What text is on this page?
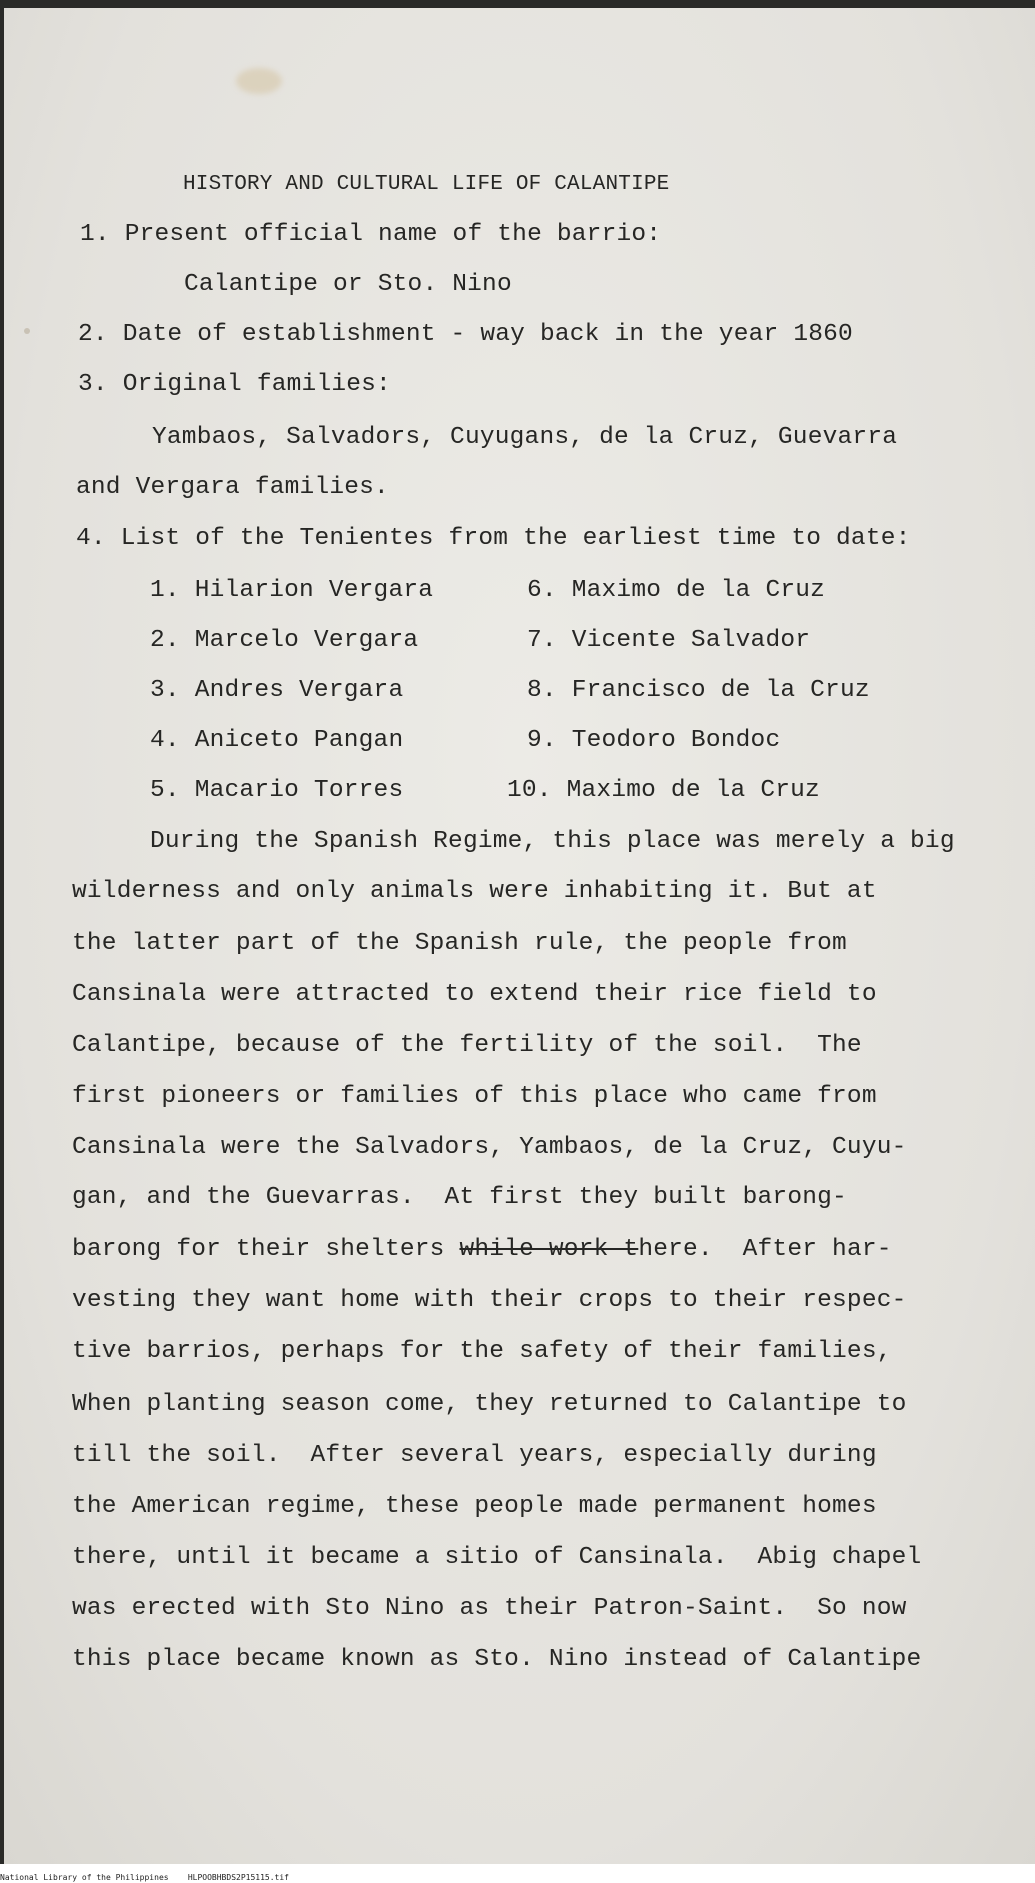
HISTORY AND CULTURAL LIFE OF CALANTIPE

1. Present official name of the barrio:

Calantipe or Sto. Nino

2. Date of establishment - way back in the year 1860

3. Original families:

Yambaos, Salvadors, Cuyugans, de la Cruz, Guevarra

and Vergara families.

4. List of the Tenientes from the earliest time to date:

1. Hilarion Vergara

2. Marcelo Vergara

3. Andres Vergara

4. Aniceto Pangan

5. Macario Torres

6. Maximo de la Cruz

7. Vicente Salvador

8. Francisco de la Cruz

9. Teodoro Bondoc

10. Maximo de la Cruz

During the Spanish Regime, this place was merely a big

wilderness and only animals were inhabiting it. But at

the latter part of the Spanish rule, the people from

Cansinala were attracted to extend their rice field to

Calantipe, because of the fertility of the soil.  The

first pioneers or families of this place who came from

Cansinala were the Salvadors, Yambaos, de la Cruz, Cuyu-

gan, and the Guevarras.  At first they built barong-

barong for their shelters while work there.  After har-

vesting they want home with their crops to their respec-

tive barrios, perhaps for the safety of their families,

When planting season come, they returned to Calantipe to

till the soil.  After several years, especially during

the American regime, these people made permanent homes

there, until it became a sitio of Cansinala.  Abig chapel

was erected with Sto Nino as their Patron-Saint.  So now

this place became known as Sto. Nino instead of Calantipe

National Library of the Philippines    HLPOOBHBDS2P15115.tif
